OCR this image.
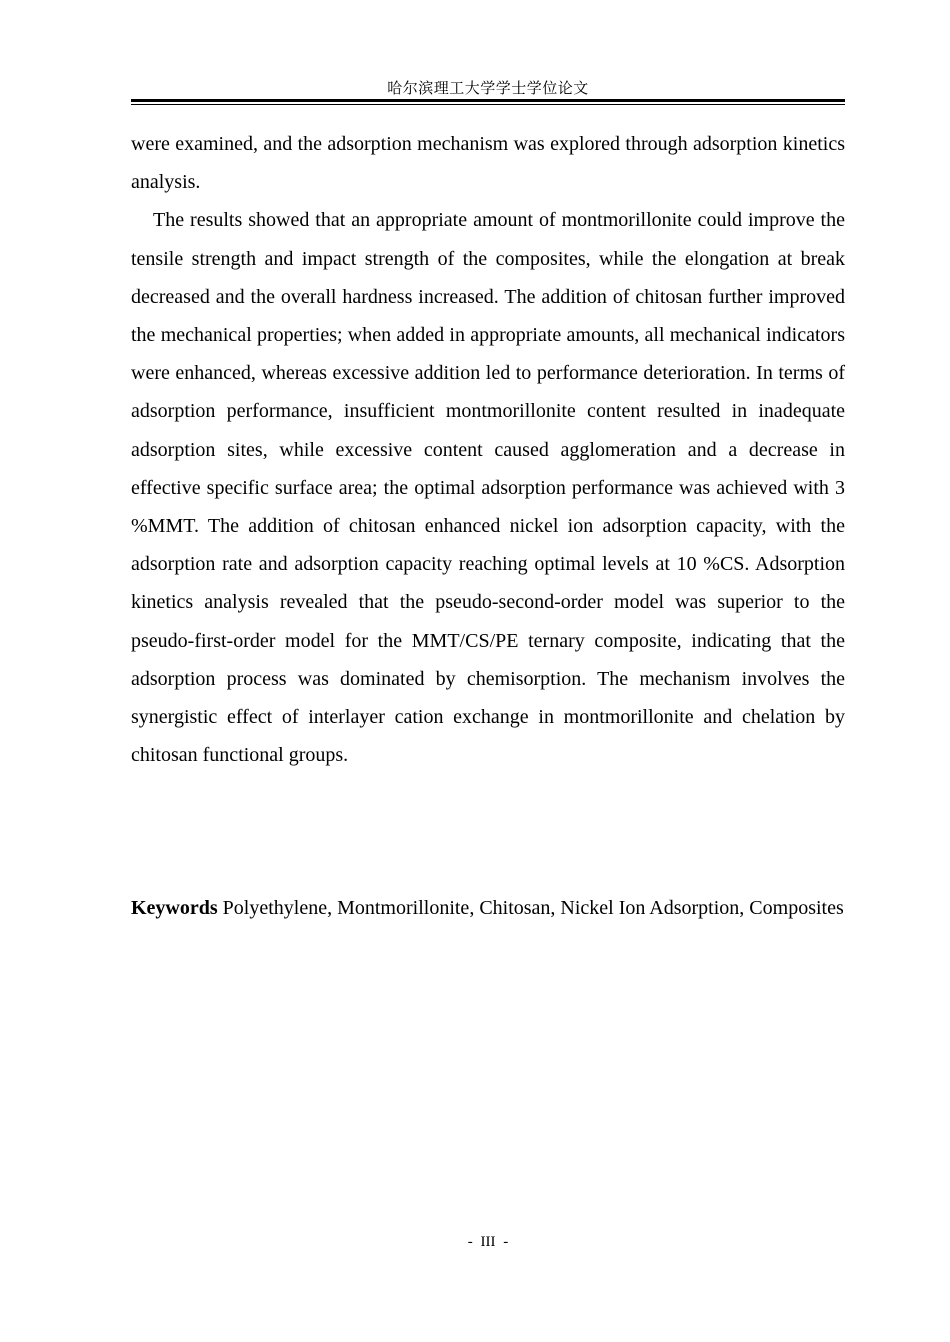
哈尔滨理工大学学士学位论文

were examined, and the adsorption mechanism was explored through adsorption kinetics analysis.

The results showed that an appropriate amount of montmorillonite could improve the tensile strength and impact strength of the composites, while the elongation at break decreased and the overall hardness increased. The addition of chitosan further improved the mechanical properties; when added in appropriate amounts, all mechanical indicators were enhanced, whereas excessive addition led to performance deterioration. In terms of adsorption performance, insufficient montmorillonite content resulted in inadequate adsorption sites, while excessive content caused agglomeration and a decrease in effective specific surface area; the optimal adsorption performance was achieved with 3 %MMT. The addition of chitosan enhanced nickel ion adsorption capacity, with the adsorption rate and adsorption capacity reaching optimal levels at 10 %CS. Adsorption kinetics analysis revealed that the pseudo-second-order model was superior to the pseudo-first-order model for the MMT/CS/PE ternary composite, indicating that the adsorption process was dominated by chemisorption. The mechanism involves the synergistic effect of interlayer cation exchange in montmorillonite and chelation by chitosan functional groups.

Keywords Polyethylene, Montmorillonite, Chitosan, Nickel Ion Adsorption, Composites
- III -
